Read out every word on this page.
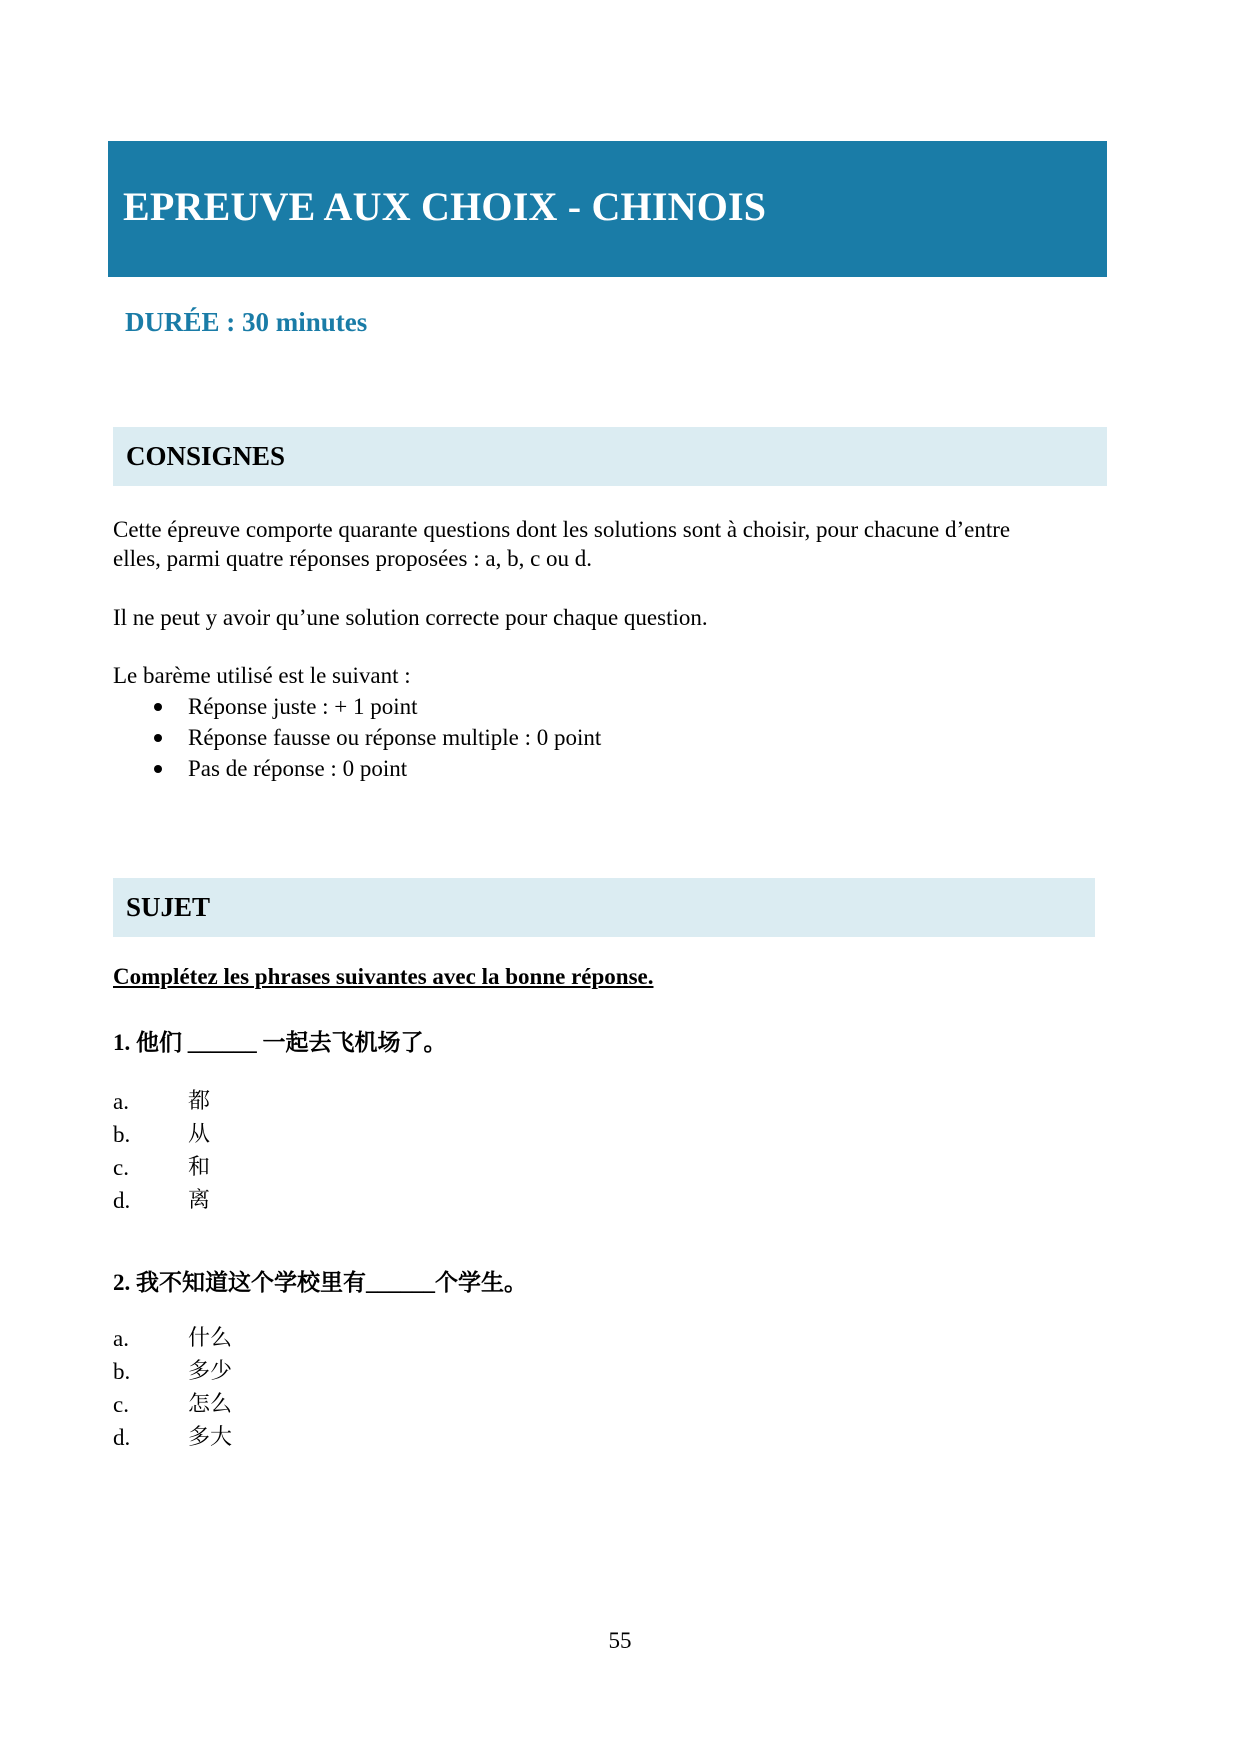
EPREUVE AUX CHOIX - CHINOIS
DURÉE : 30 minutes
CONSIGNES
Cette épreuve comporte quarante questions dont les solutions sont à choisir, pour chacune d’entre
elles, parmi quatre réponses proposées : a, b, c ou d.
Il ne peut y avoir qu’une solution correcte pour chaque question.
Le barème utilisé est le suivant :
Réponse juste : + 1 point
Réponse fausse ou réponse multiple : 0 point
Pas de réponse : 0 point
SUJET
Complétez les phrases suivantes avec la bonne réponse.
1. 他们 ______ 一起去飞机场了。
a.	都
b.	从
c.	和
d.	离
2. 我不知道这个学校里有______个学生。
a.	什么
b.	多少
c.	怎么
d.	多大
55
